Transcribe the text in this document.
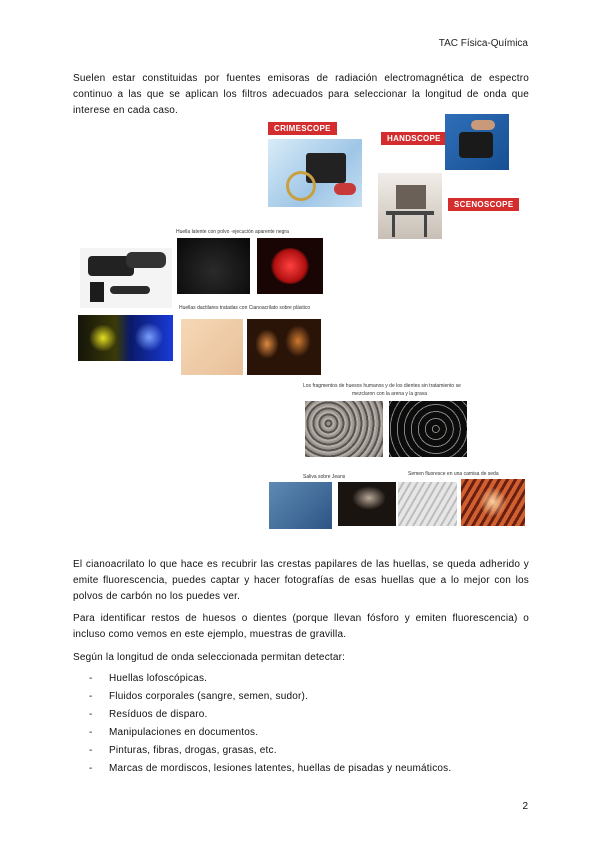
TAC Física-Química
Suelen estar constituidas por fuentes emisoras de radiación electromagnética de espectro continuo a las que se aplican los filtros adecuados para seleccionar la longitud de onda que interese en cada caso.
CRIMESCOPE
HANDSCOPE
SCENOSCOPE
Huella latente con polvo ·ejecución aparente negra
Huellas dactilares tratadas con Cianoacrilato sobre plástico
Los fragmentos de huesos humanos y de los dientes sin tratamiento se
mezclaron con la arena y la grava
Saliva sobre Jeans	Semen fluoresce en una camisa de seda
El cianoacrilato lo que hace es recubrir las crestas papilares de las huellas, se queda adherido y emite fluorescencia, puedes captar y hacer fotografías de esas huellas que a lo mejor con los polvos de carbón no los puedes ver.
Para identificar restos de huesos o dientes (porque llevan fósforo y emiten fluorescencia) o incluso como vemos en este ejemplo, muestras de gravilla.
Según la longitud de onda seleccionada permitan detectar:
- Huellas lofoscópicas.
- Fluidos corporales (sangre, semen, sudor).
- Resíduos de disparo.
- Manipulaciones en documentos.
- Pinturas, fibras, drogas, grasas, etc.
- Marcas de mordiscos, lesiones latentes, huellas de pisadas y neumáticos.
2
